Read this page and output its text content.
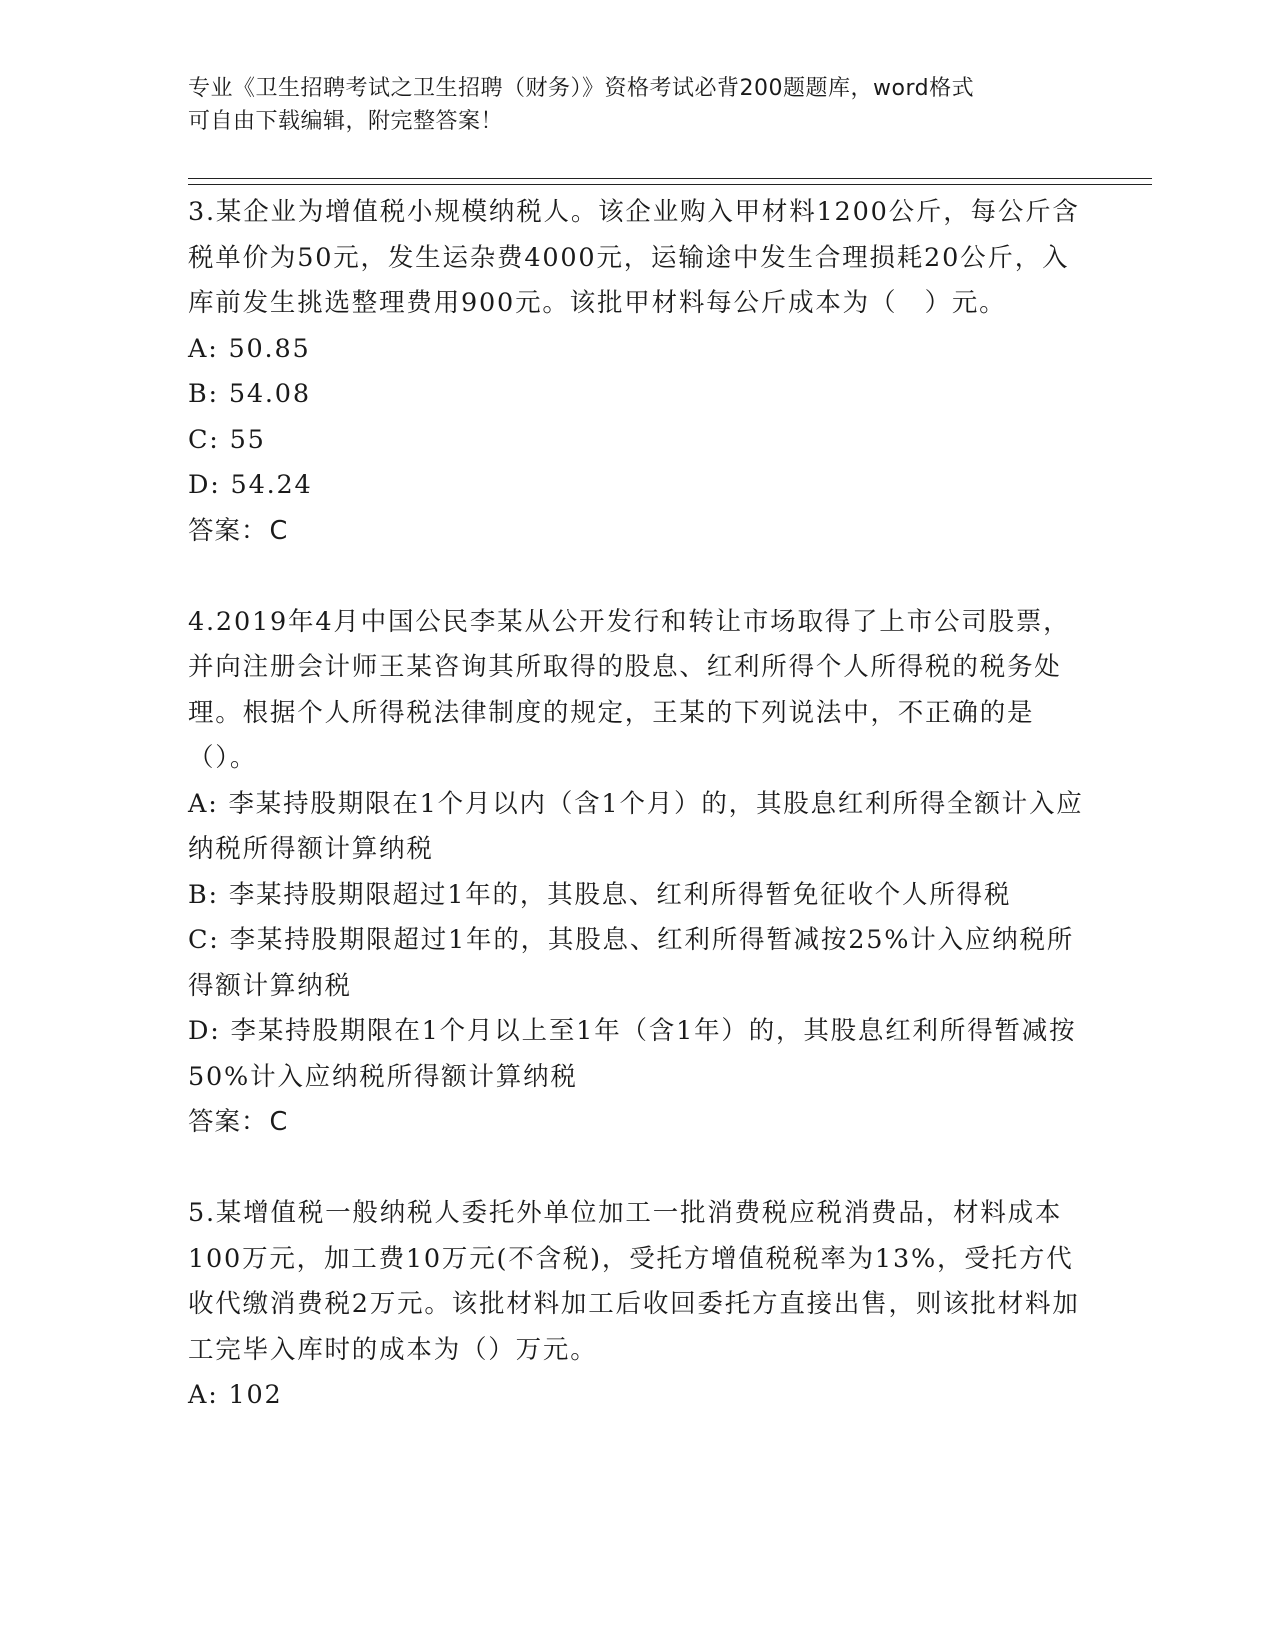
专业《卫生招聘考试之卫生招聘（财务）》资格考试必背200题题库，word格式
可自由下载编辑，附完整答案！

3.某企业为增值税小规模纳税人。该企业购入甲材料1200公斤，每公斤含税单价为50元，发生运杂费4000元，运输途中发生合理损耗20公斤，入库前发生挑选整理费用900元。该批甲材料每公斤成本为（　）元。

A: 50.85

B: 54.08

C: 55

D: 54.24

答案：C

4.2019年4月中国公民李某从公开发行和转让市场取得了上市公司股票，并向注册会计师王某咨询其所取得的股息、红利所得个人所得税的税务处理。根据个人所得税法律制度的规定，王某的下列说法中，不正确的是（）。

A: 李某持股期限在1个月以内（含1个月）的，其股息红利所得全额计入应纳税所得额计算纳税

B: 李某持股期限超过1年的，其股息、红利所得暂免征收个人所得税

C: 李某持股期限超过1年的，其股息、红利所得暂减按25%计入应纳税所得额计算纳税

D: 李某持股期限在1个月以上至1年（含1年）的，其股息红利所得暂减按50%计入应纳税所得额计算纳税

答案：C

5.某增值税一般纳税人委托外单位加工一批消费税应税消费品，材料成本100万元，加工费10万元(不含税)，受托方增值税税率为13%，受托方代收代缴消费税2万元。该批材料加工后收回委托方直接出售，则该批材料加工完毕入库时的成本为（）万元。

A: 102
